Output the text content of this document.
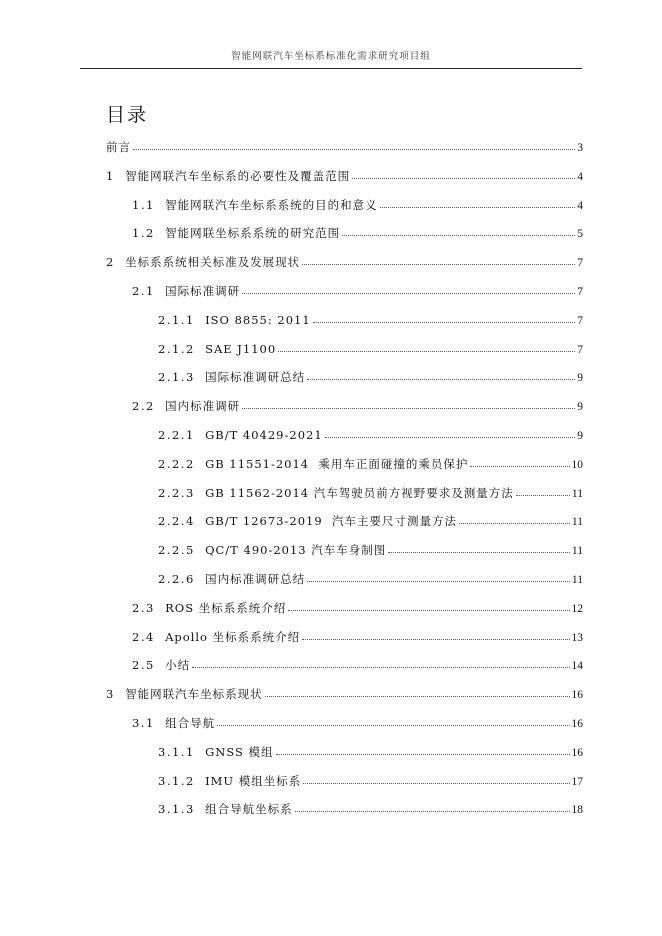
智能网联汽车坐标系标准化需求研究项目组
目录
前言	3
1 智能网联汽车坐标系的必要性及覆盖范围	4
1.1 智能网联汽车坐标系系统的目的和意义	4
1.2 智能网联坐标系系统的研究范围	5
2 坐标系系统相关标准及发展现状	7
2.1 国际标准调研	7
2.1.1 ISO 8855: 2011	7
2.1.2 SAE J1100	7
2.1.3 国际标准调研总结	9
2.2 国内标准调研	9
2.2.1 GB/T 40429-2021	9
2.2.2 GB 11551-2014  乘用车正面碰撞的乘员保护	10
2.2.3 GB 11562-2014 汽车驾驶员前方视野要求及测量方法	11
2.2.4 GB/T 12673-2019  汽车主要尺寸测量方法	11
2.2.5 QC/T 490-2013 汽车车身制图	11
2.2.6 国内标准调研总结	11
2.3 ROS 坐标系系统介绍	12
2.4 Apollo 坐标系系统介绍	13
2.5 小结	14
3 智能网联汽车坐标系现状	16
3.1 组合导航	16
3.1.1 GNSS 模组	16
3.1.2 IMU 模组坐标系	17
3.1.3 组合导航坐标系	18
